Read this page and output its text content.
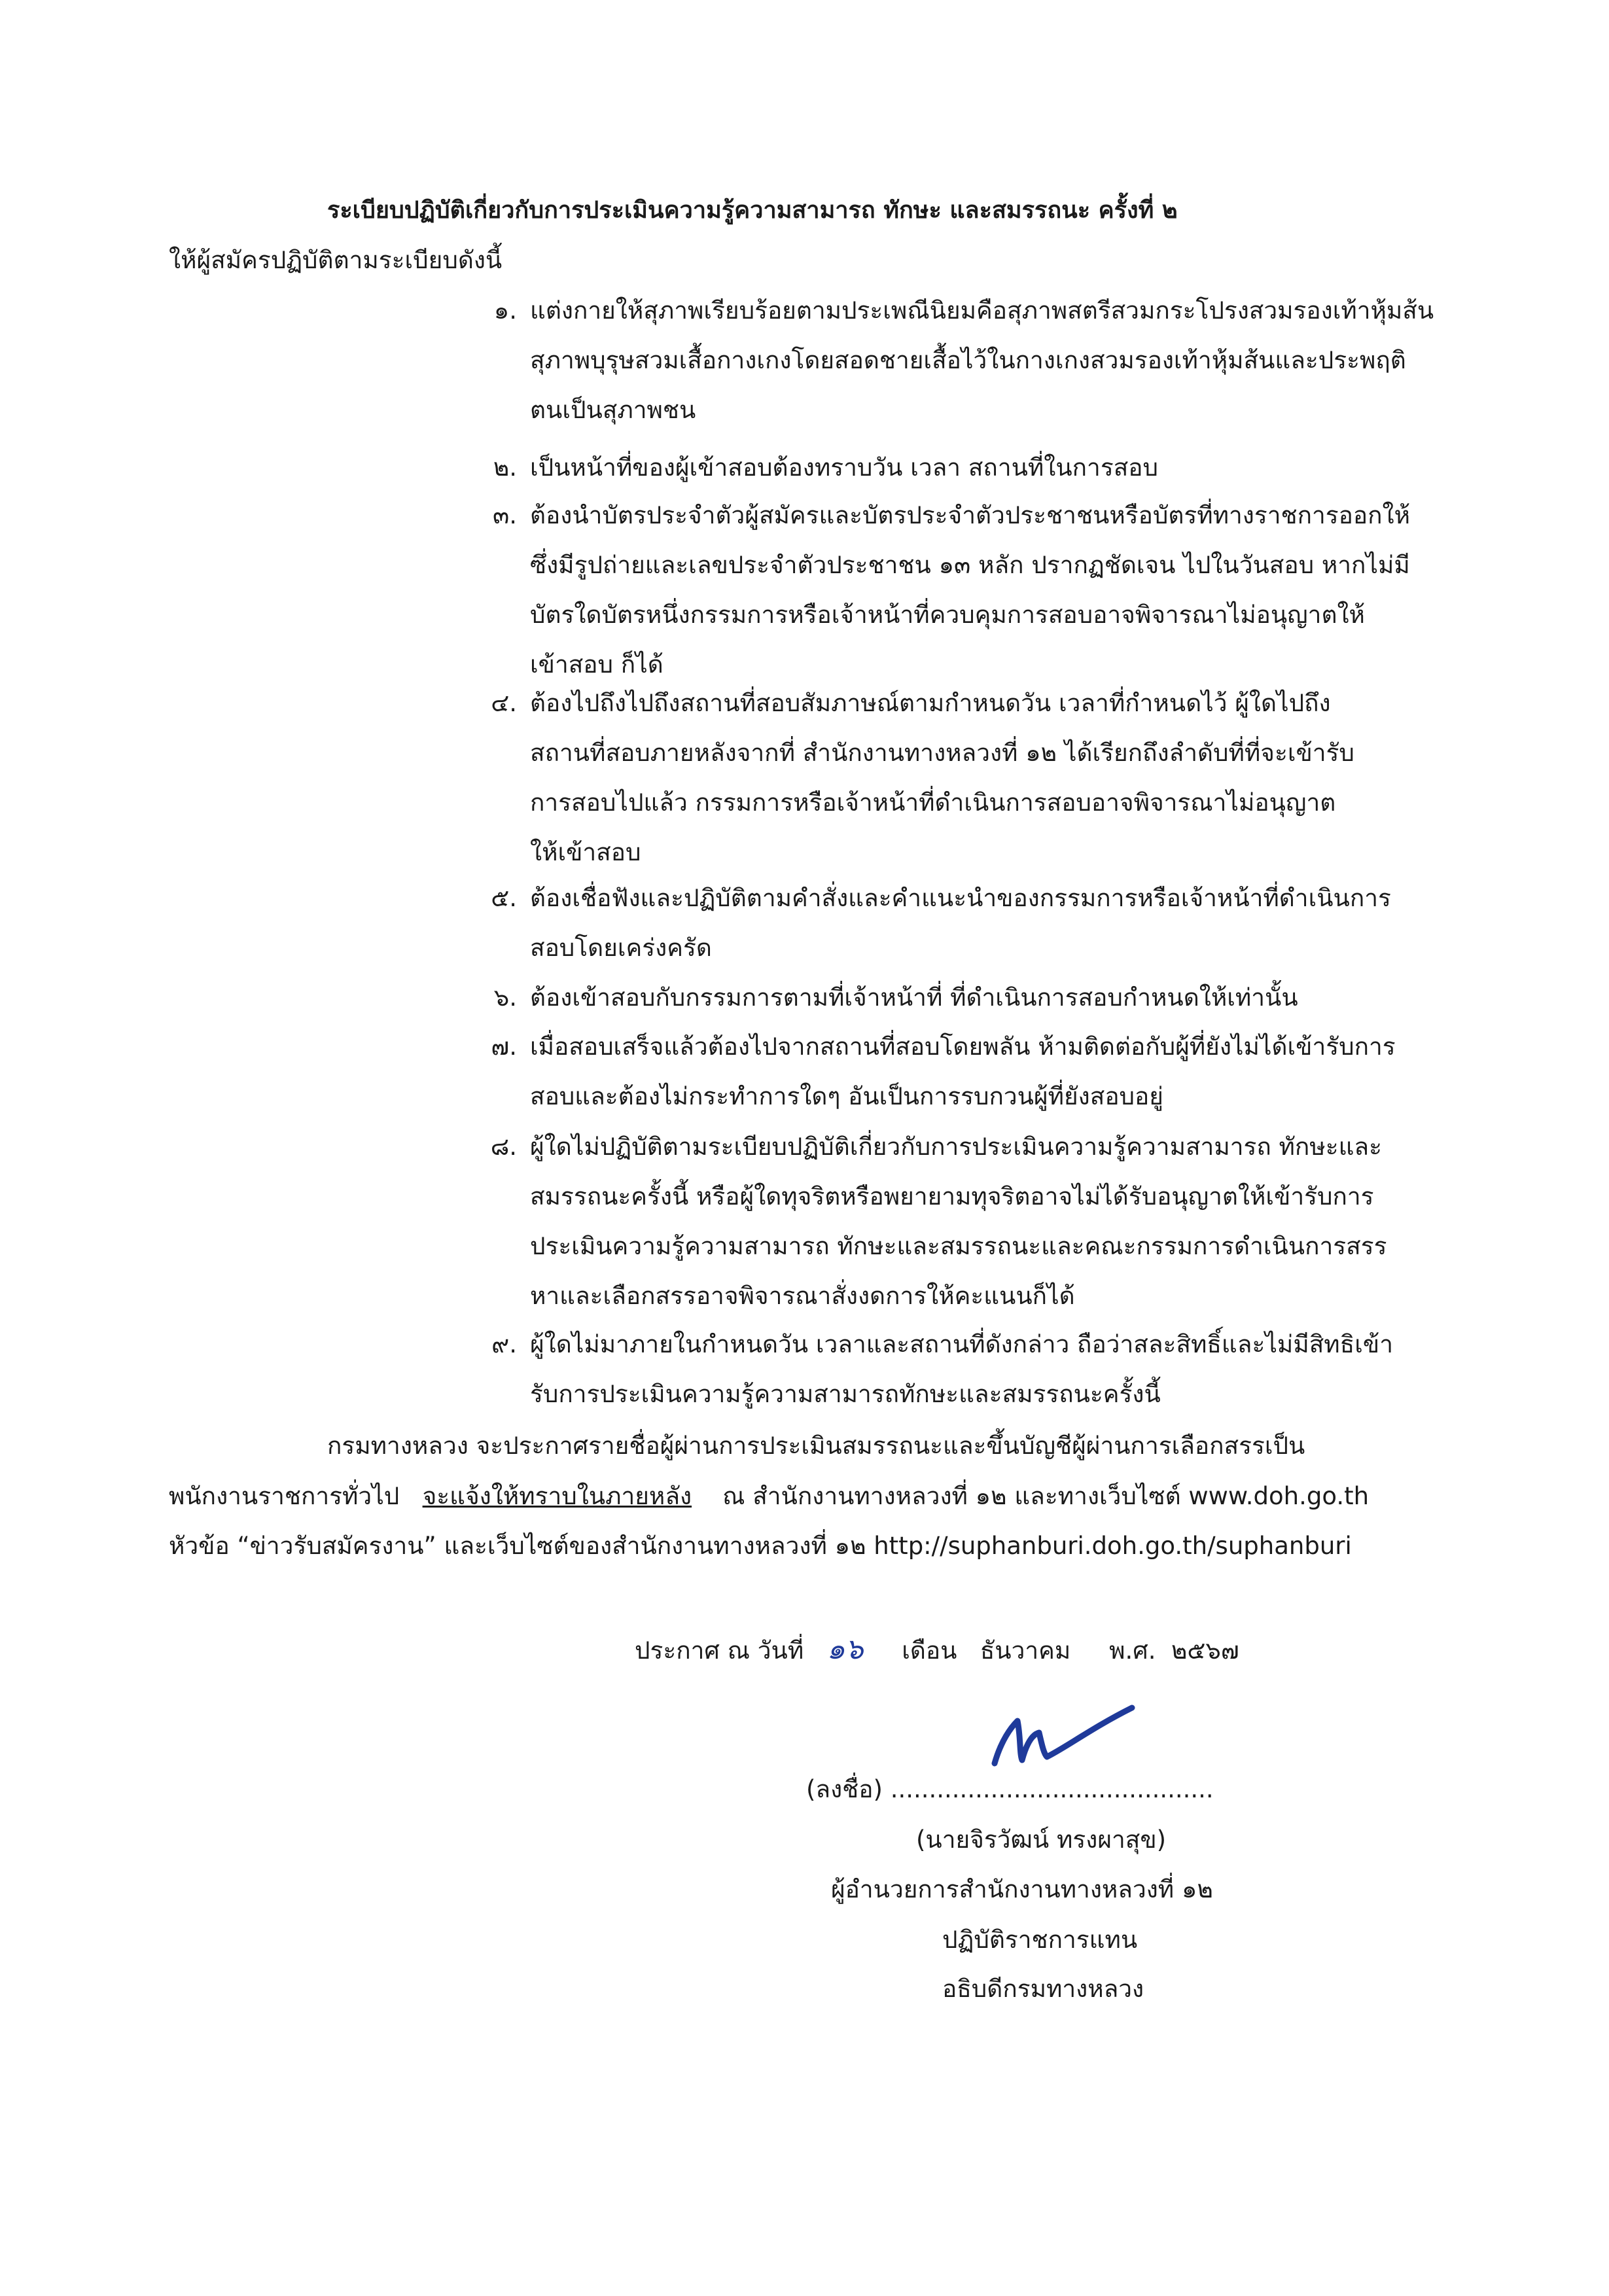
ระเบียบปฏิบัติเกี่ยวกับการประเมินความรู้ความสามารถ ทักษะ และสมรรถนะ ครั้งที่ ๒
ให้ผู้สมัครปฏิบัติตามระเบียบดังนี้
๑. แต่งกายให้สุภาพเรียบร้อยตามประเพณีนิยมคือสุภาพสตรีสวมกระโปรงสวมรองเท้าหุ้มส้น
สุภาพบุรุษสวมเสื้อกางเกงโดยสอดชายเสื้อไว้ในกางเกงสวมรองเท้าหุ้มส้นและประพฤติ
ตนเป็นสุภาพชน
๒. เป็นหน้าที่ของผู้เข้าสอบต้องทราบวัน เวลา สถานที่ในการสอบ
๓. ต้องนำบัตรประจำตัวผู้สมัครและบัตรประจำตัวประชาชนหรือบัตรที่ทางราชการออกให้
ซึ่งมีรูปถ่ายและเลขประจำตัวประชาชน ๑๓ หลัก ปรากฏชัดเจน ไปในวันสอบ หากไม่มี
บัตรใดบัตรหนึ่งกรรมการหรือเจ้าหน้าที่ควบคุมการสอบอาจพิจารณาไม่อนุญาตให้
เข้าสอบ ก็ได้
๔. ต้องไปถึงไปถึงสถานที่สอบสัมภาษณ์ตามกำหนดวัน เวลาที่กำหนดไว้ ผู้ใดไปถึง
สถานที่สอบภายหลังจากที่ สำนักงานทางหลวงที่ ๑๒ ได้เรียกถึงลำดับที่ที่จะเข้ารับ
การสอบไปแล้ว กรรมการหรือเจ้าหน้าที่ดำเนินการสอบอาจพิจารณาไม่อนุญาต
ให้เข้าสอบ
๕. ต้องเชื่อฟังและปฏิบัติตามคำสั่งและคำแนะนำของกรรมการหรือเจ้าหน้าที่ดำเนินการ
สอบโดยเคร่งครัด
๖. ต้องเข้าสอบกับกรรมการตามที่เจ้าหน้าที่ ที่ดำเนินการสอบกำหนดให้เท่านั้น
๗. เมื่อสอบเสร็จแล้วต้องไปจากสถานที่สอบโดยพลัน ห้ามติดต่อกับผู้ที่ยังไม่ได้เข้ารับการ
สอบและต้องไม่กระทำการใดๆ อันเป็นการรบกวนผู้ที่ยังสอบอยู่
๘. ผู้ใดไม่ปฏิบัติตามระเบียบปฏิบัติเกี่ยวกับการประเมินความรู้ความสามารถ ทักษะและ
สมรรถนะครั้งนี้ หรือผู้ใดทุจริตหรือพยายามทุจริตอาจไม่ได้รับอนุญาตให้เข้ารับการ
ประเมินความรู้ความสามารถ ทักษะและสมรรถนะและคณะกรรมการดำเนินการสรร
หาและเลือกสรรอาจพิจารณาสั่งงดการให้คะแนนก็ได้
๙. ผู้ใดไม่มาภายในกำหนดวัน เวลาและสถานที่ดังกล่าว ถือว่าสละสิทธิ์และไม่มีสิทธิเข้า
รับการประเมินความรู้ความสามารถทักษะและสมรรถนะครั้งนี้
กรมทางหลวง จะประกาศรายชื่อผู้ผ่านการประเมินสมรรถนะและขึ้นบัญชีผู้ผ่านการเลือกสรรเป็น
พนักงานราชการทั่วไป จะแจ้งให้ทราบในภายหลัง ณ สำนักงานทางหลวงที่ ๑๒ และทางเว็บไซต์ www.doh.go.th
หัวข้อ “ข่าวรับสมัครงาน” และเว็บไซต์ของสำนักงานทางหลวงที่ ๑๒ http://suphanburi.doh.go.th/suphanburi
ประกาศ ณ วันที่ ๑๖ เดือน ธันวาคม พ.ศ. ๒๕๖๗
(ลงชื่อ) ..........................................
(นายจิรวัฒน์ ทรงผาสุข)
ผู้อำนวยการสำนักงานทางหลวงที่ ๑๒
ปฏิบัติราชการแทน
อธิบดีกรมทางหลวง
